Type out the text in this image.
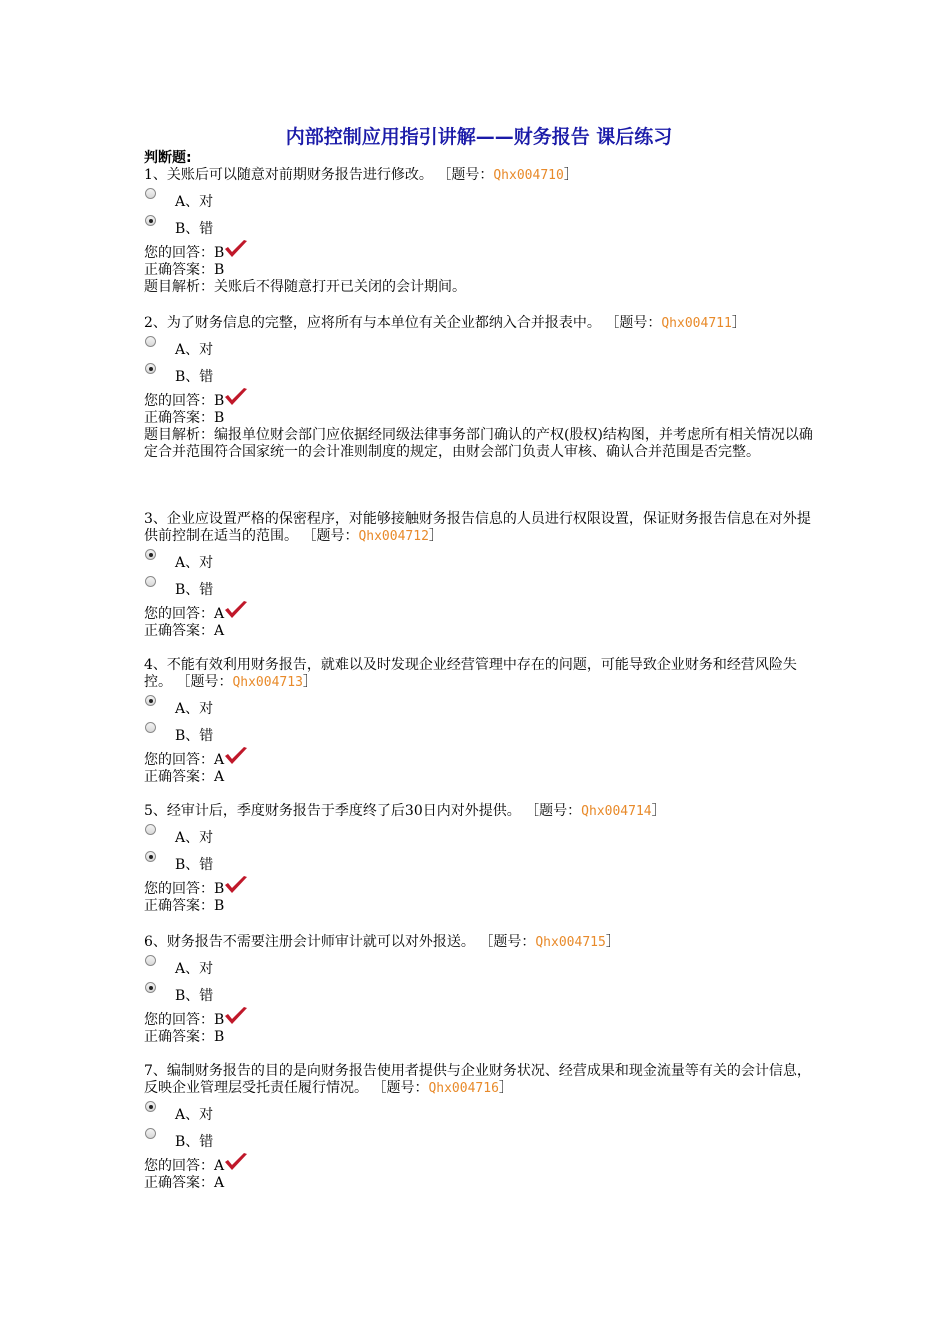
内部控制应用指引讲解——财务报告 课后练习
判断题:

1、关账后可以随意对前期财务报告进行修改。 ［题号：Qhx004710］

A、对
B、错

您的回答：B

正确答案：B

题目解析：关账后不得随意打开已关闭的会计期间。

2、为了财务信息的完整，应将所有与本单位有关企业都纳入合并报表中。 ［题号：Qhx004711］

A、对
B、错

您的回答：B

正确答案：B

题目解析：编报单位财会部门应依据经同级法律事务部门确认的产权(股权)结构图，并考虑所有相关情况以确定合并范围符合国家统一的会计准则制度的规定，由财会部门负责人审核、确认合并范围是否完整。

3、企业应设置严格的保密程序，对能够接触财务报告信息的人员进行权限设置，保证财务报告信息在对外提供前控制在适当的范围。 ［题号：Qhx004712］

A、对
B、错

您的回答：A

正确答案：A

4、不能有效利用财务报告，就难以及时发现企业经营管理中存在的问题，可能导致企业财务和经营风险失控。 ［题号：Qhx004713］

A、对
B、错

您的回答：A

正确答案：A

5、经审计后，季度财务报告于季度终了后30日内对外提供。 ［题号：Qhx004714］

A、对
B、错

您的回答：B

正确答案：B

6、财务报告不需要注册会计师审计就可以对外报送。 ［题号：Qhx004715］

A、对
B、错

您的回答：B

正确答案：B

7、编制财务报告的目的是向财务报告使用者提供与企业财务状况、经营成果和现金流量等有关的会计信息，反映企业管理层受托责任履行情况。 ［题号：Qhx004716］

A、对
B、错

您的回答：A

正确答案：A
